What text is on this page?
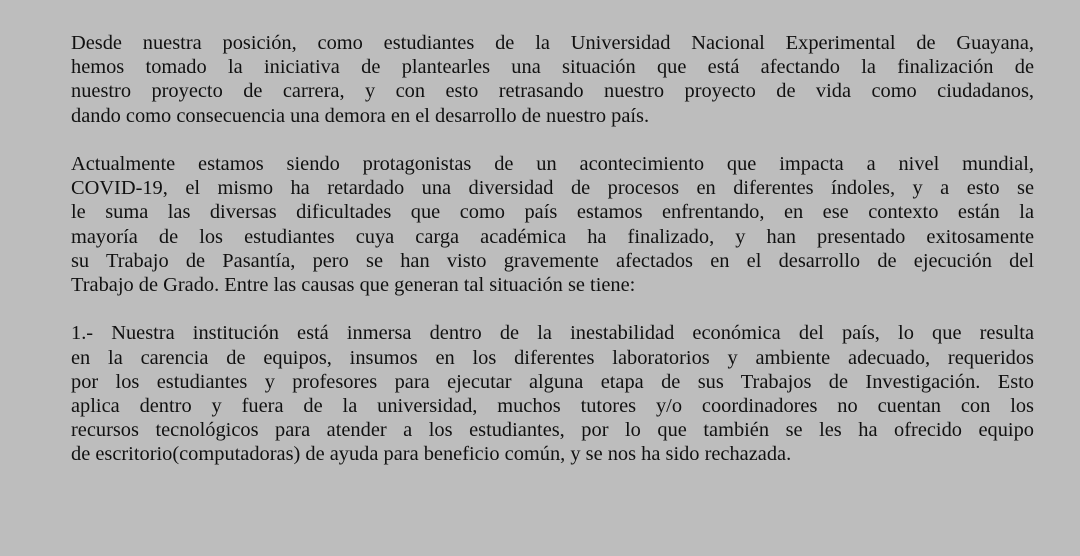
Desde nuestra posición, como estudiantes de la Universidad Nacional Experimental de Guayana,
hemos tomado la iniciativa de plantearles una situación que está afectando la finalización de
nuestro proyecto de carrera, y con esto retrasando nuestro proyecto de vida como ciudadanos,
dando como consecuencia una demora en el desarrollo de nuestro país.

Actualmente estamos siendo protagonistas de un acontecimiento que impacta a nivel mundial,
COVID-19, el mismo ha retardado una diversidad de procesos en diferentes índoles, y a esto se
le suma las diversas dificultades que como país estamos enfrentando, en ese contexto están la
mayoría de los estudiantes cuya carga académica ha finalizado, y han presentado exitosamente
su Trabajo de Pasantía, pero se han visto gravemente afectados en el desarrollo de ejecución del
Trabajo de Grado. Entre las causas que generan tal situación se tiene:

1.- Nuestra institución está inmersa dentro de la inestabilidad económica del país, lo que resulta
en la carencia de equipos, insumos en los diferentes laboratorios y ambiente adecuado, requeridos
por los estudiantes y profesores para ejecutar alguna etapa de sus Trabajos de Investigación. Esto
aplica dentro y fuera de la universidad, muchos tutores y/o coordinadores no cuentan con los
recursos tecnológicos para atender a los estudiantes, por lo que también se les ha ofrecido equipo
de escritorio(computadoras) de ayuda para beneficio común, y se nos ha sido rechazada.
